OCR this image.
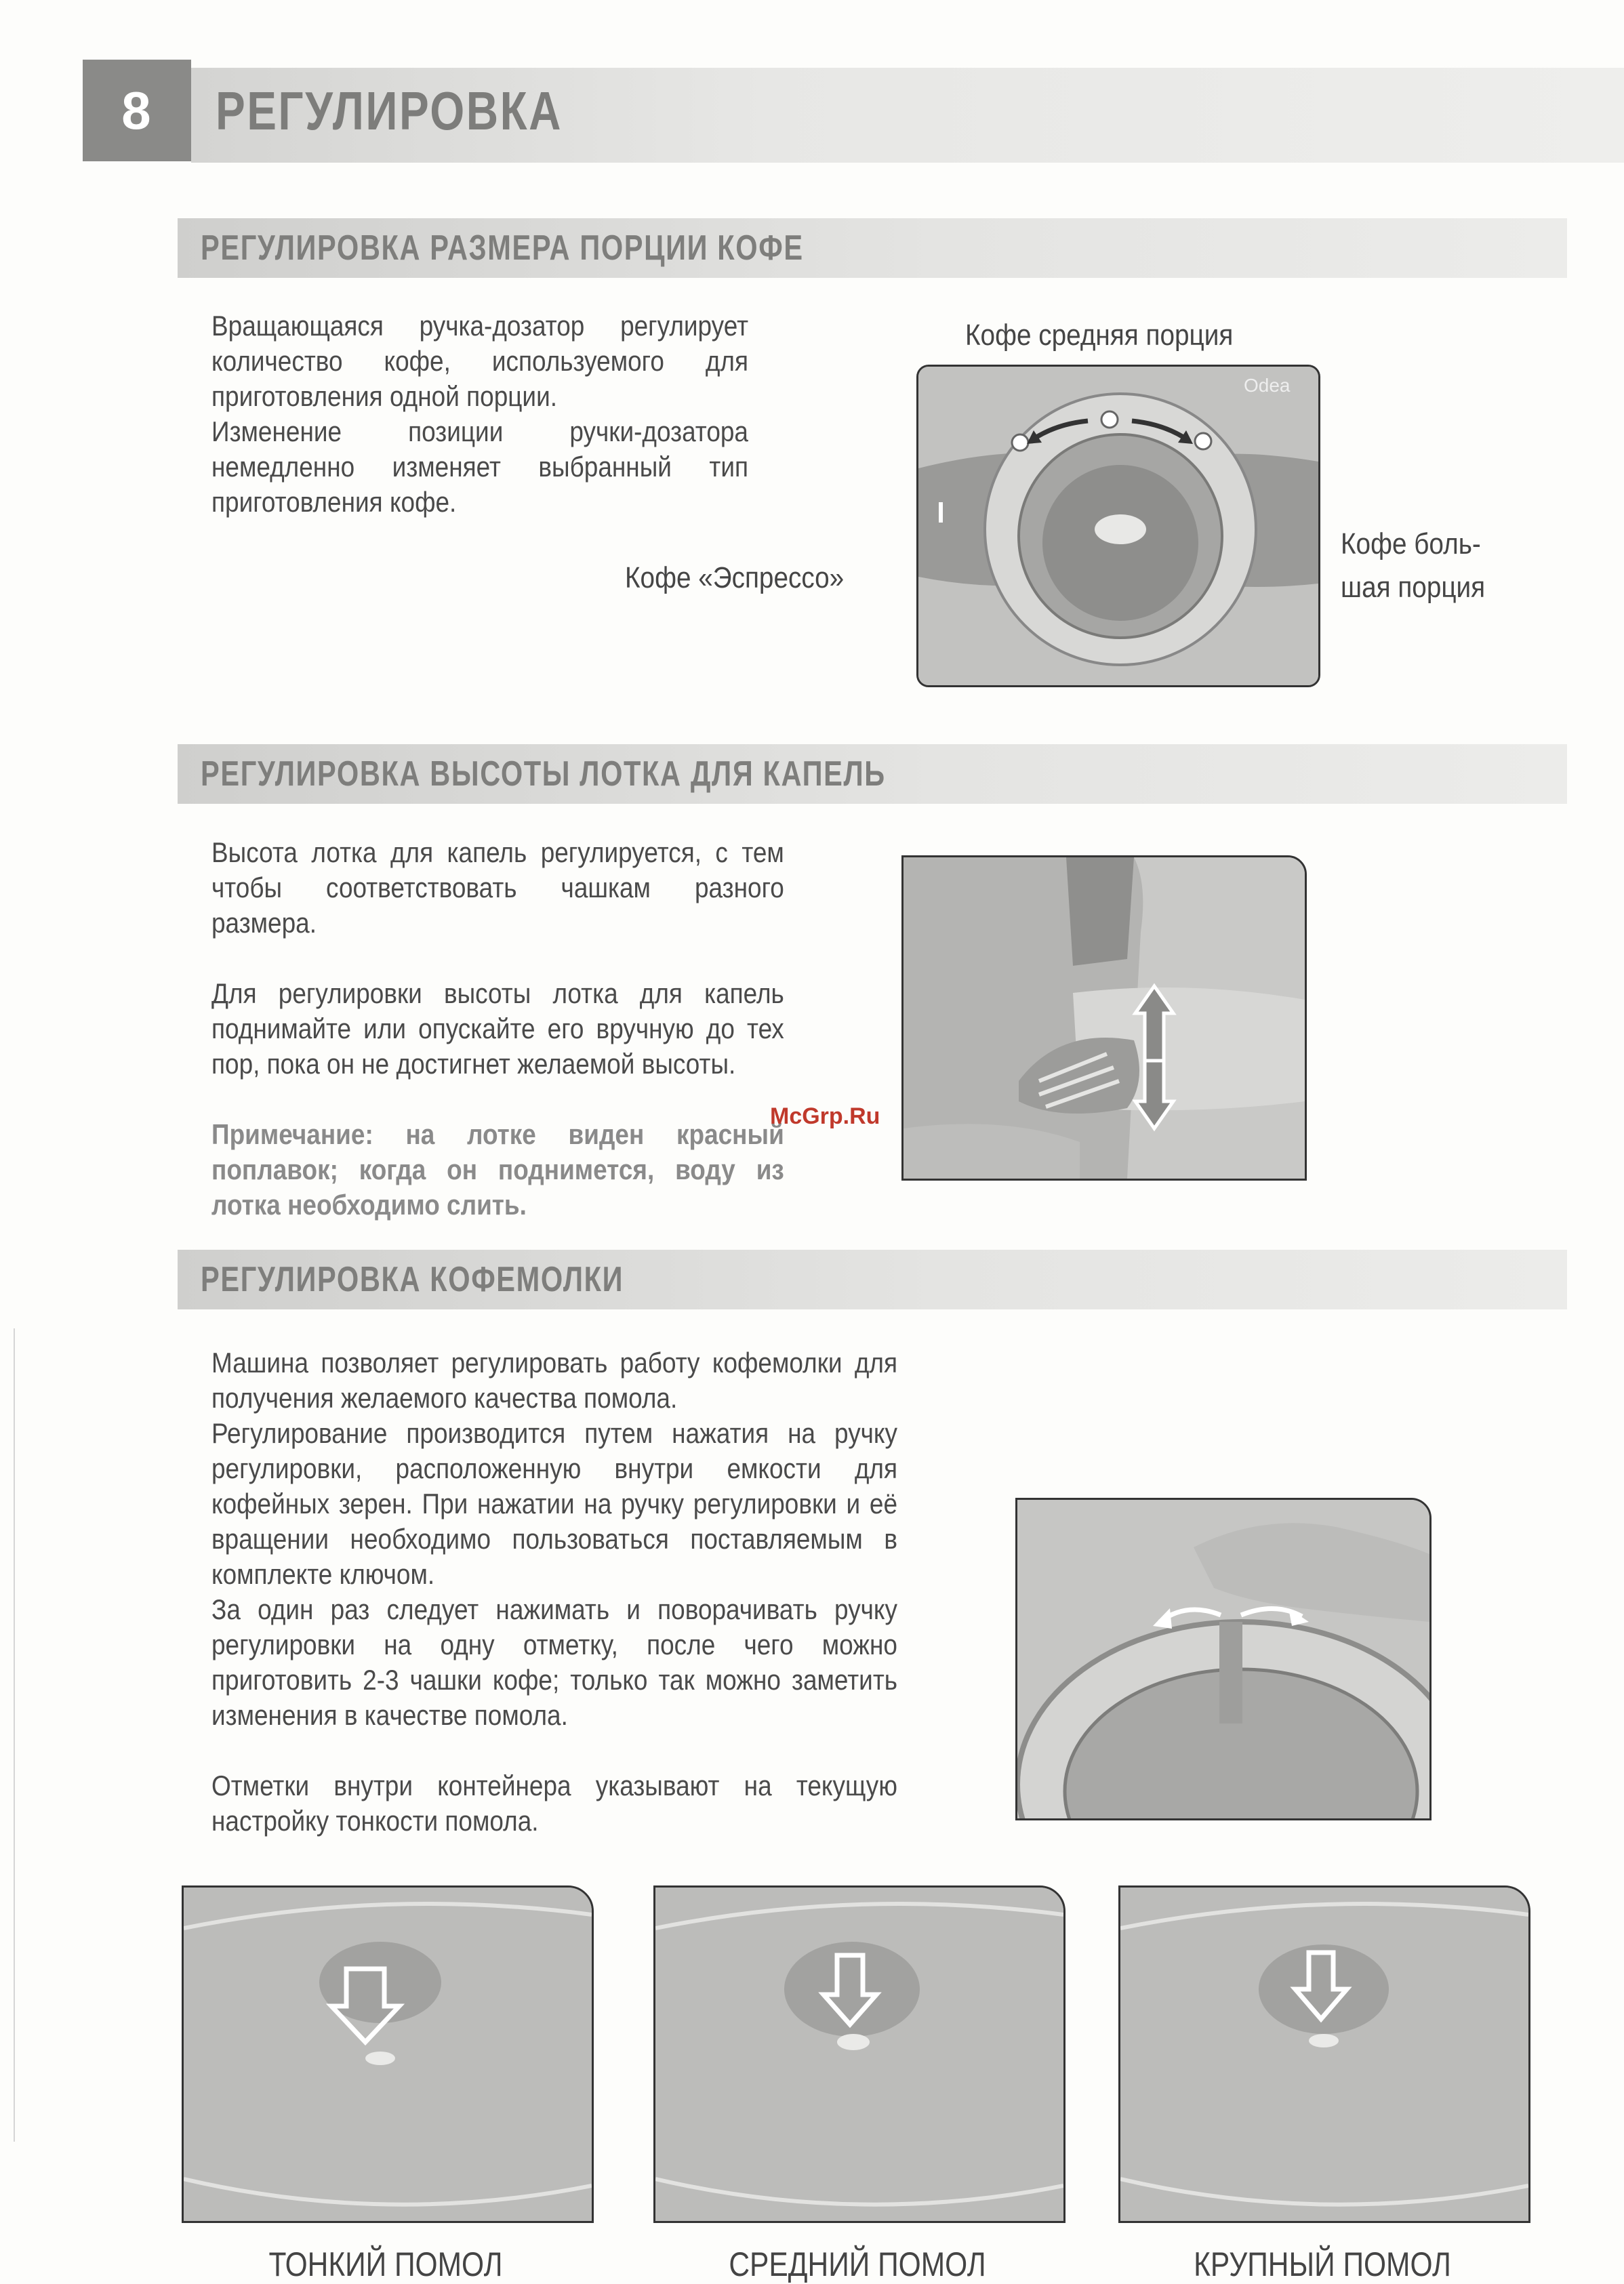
8 РЕГУЛИРОВКА
РЕГУЛИРОВКА РАЗМЕРА ПОРЦИИ КОФЕ

Вращающаяся ручка-дозатор регулирует количество кофе, используемого для приготовления одной порции.

Изменение позиции ручки-дозатора немедленно изменяет выбранный тип приготовления кофе.

Кофе «Эспрессо»
Кофе средняя порция
Кофе боль-
шая порция
Odea
РЕГУЛИРОВКА ВЫСОТЫ ЛОТКА ДЛЯ КАПЕЛЬ

Высота лотка для капель регулируется, с тем чтобы соответствовать чашкам разного размера.

Для регулировки высоты лотка для капель поднимайте или опускайте его вручную до тех пор, пока он не достигнет желаемой высоты.

Примечание: на лотке виден красный поплавок; когда он поднимется, воду из лотка необходимо слить.

McGrp.Ru
РЕГУЛИРОВКА КОФЕМОЛКИ

Машина позволяет регулировать работу кофемолки для получения желаемого качества помола.

Регулирование производится путем нажатия на ручку регулировки, расположенную внутри емкости для кофейных зерен. При нажатии на ручку регулировки и её вращении необходимо пользоваться поставляемым в комплекте ключом.

За один раз следует нажимать и поворачивать ручку регулировки на одну отметку, после чего можно приготовить 2-3 чашки кофе; только так можно заметить изменения в качестве помола.

Отметки внутри контейнера указывают на текущую настройку тонкости помола.

ТОНКИЙ ПОМОЛ	СРЕДНИЙ ПОМОЛ	КРУПНЫЙ ПОМОЛ
